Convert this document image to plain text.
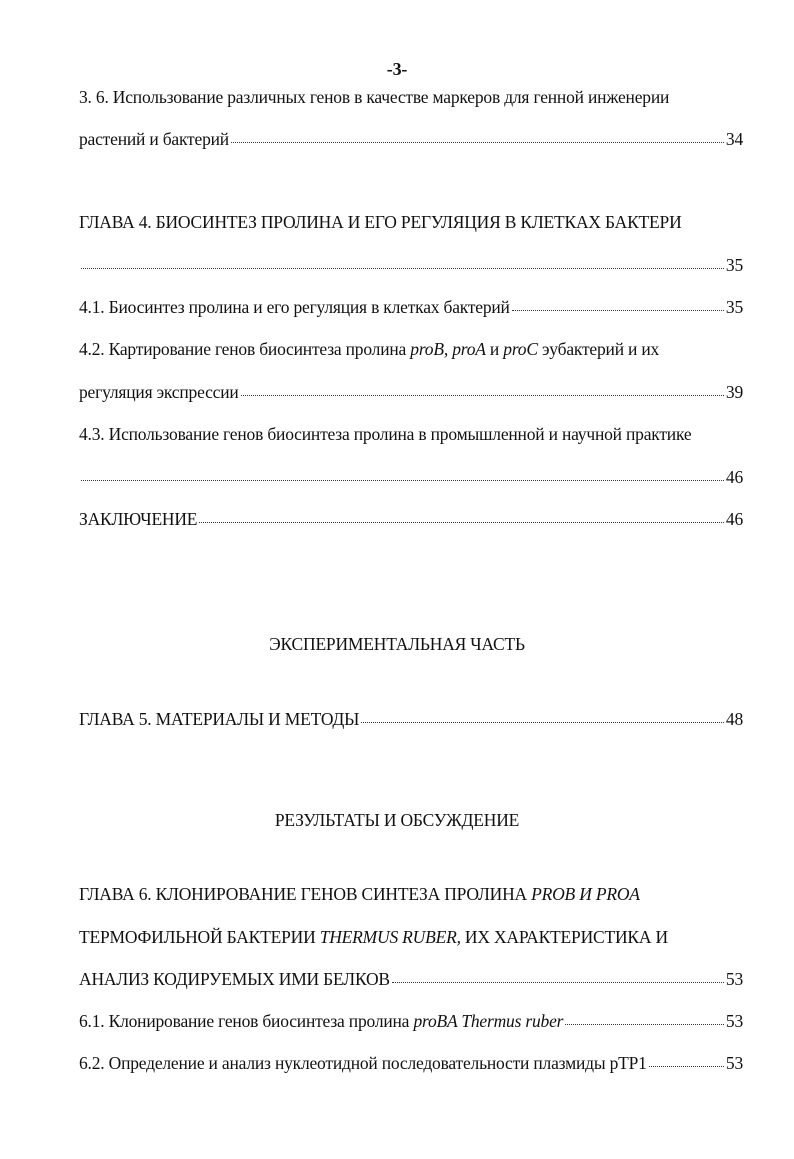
-3-
3. 6. Использование различных генов в качестве маркеров для генной инженерии
растений и бактерий	34
ГЛАВА 4. БИОСИНТЕЗ ПРОЛИНА И ЕГО РЕГУЛЯЦИЯ В КЛЕТКАХ БАКТЕРИ
35
4.1. Биосинтез пролина и его регуляция в клетках бактерий	35
4.2. Картирование генов биосинтеза пролина proB, proA и proC эубактерий и их
регуляция экспрессии	39
4.3. Использование генов биосинтеза пролина в промышленной и научной практике
46
ЗАКЛЮЧЕНИЕ	46
ЭКСПЕРИМЕНТАЛЬНАЯ ЧАСТЬ
ГЛАВА 5. МАТЕРИАЛЫ И МЕТОДЫ	48
РЕЗУЛЬТАТЫ И ОБСУЖДЕНИЕ
ГЛАВА 6. КЛОНИРОВАНИЕ ГЕНОВ СИНТЕЗА ПРОЛИНА PROB И PROA
ТЕРМОФИЛЬНОЙ БАКТЕРИИ THERMUS RUBER, ИХ ХАРАКТЕРИСТИКА И
АНАЛИЗ КОДИРУЕМЫХ ИМИ БЕЛКОВ	53
6.1. Клонирование генов биосинтеза пролина proBA Thermus ruber	53
6.2. Определение и анализ нуклеотидной последовательности плазмиды pTP1	53
